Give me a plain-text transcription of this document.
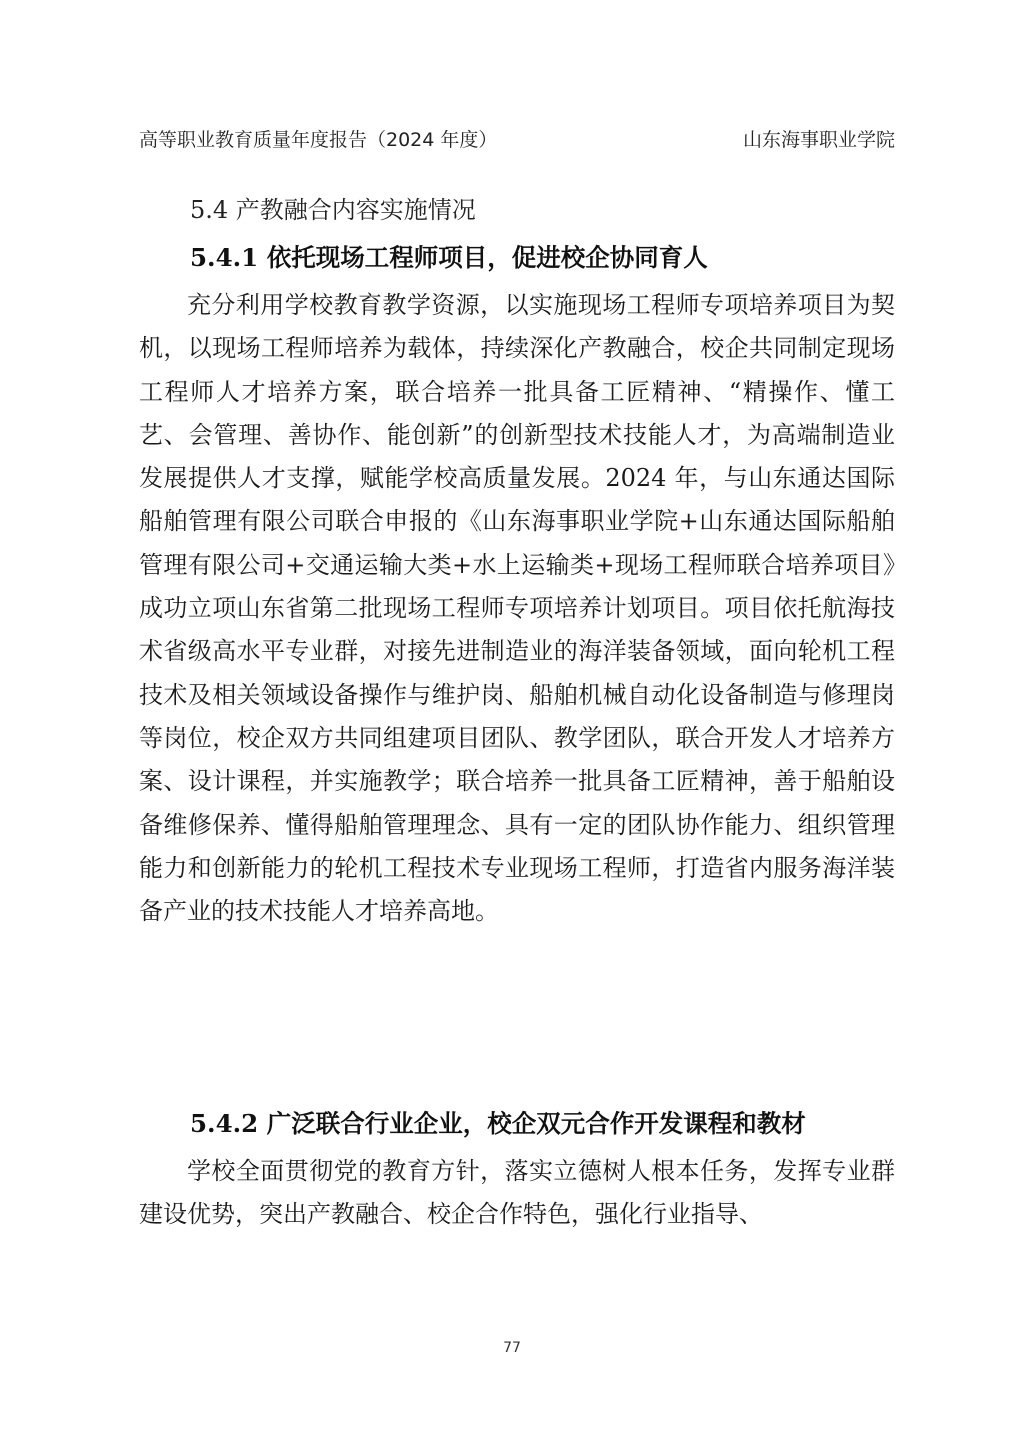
高等职业教育质量年度报告（2024 年度）	山东海事职业学院
5.4 产教融合内容实施情况
5.4.1 依托现场工程师项目，促进校企协同育人
充分利用学校教育教学资源，以实施现场工程师专项培养项目为契机，以现场工程师培养为载体，持续深化产教融合，校企共同制定现场工程师人才培养方案，联合培养一批具备工匠精神、“精操作、懂工艺、会管理、善协作、能创新”的创新型技术技能人才，为高端制造业发展提供人才支撑，赋能学校高质量发展。2024 年，与山东通达国际船舶管理有限公司联合申报的《山东海事职业学院+山东通达国际船舶管理有限公司+交通运输大类+水上运输类+现场工程师联合培养项目》成功立项山东省第二批现场工程师专项培养计划项目。项目依托航海技术省级高水平专业群，对接先进制造业的海洋装备领域，面向轮机工程技术及相关领域设备操作与维护岗、船舶机械自动化设备制造与修理岗等岗位，校企双方共同组建项目团队、教学团队，联合开发人才培养方案、设计课程，并实施教学；联合培养一批具备工匠精神，善于船舶设备维修保养、懂得船舶管理理念、具有一定的团队协作能力、组织管理能力和创新能力的轮机工程技术专业现场工程师，打造省内服务海洋装备产业的技术技能人才培养高地。
5.4.2 广泛联合行业企业，校企双元合作开发课程和教材
学校全面贯彻党的教育方针，落实立德树人根本任务，发挥专业群建设优势，突出产教融合、校企合作特色，强化行业指导、
77
